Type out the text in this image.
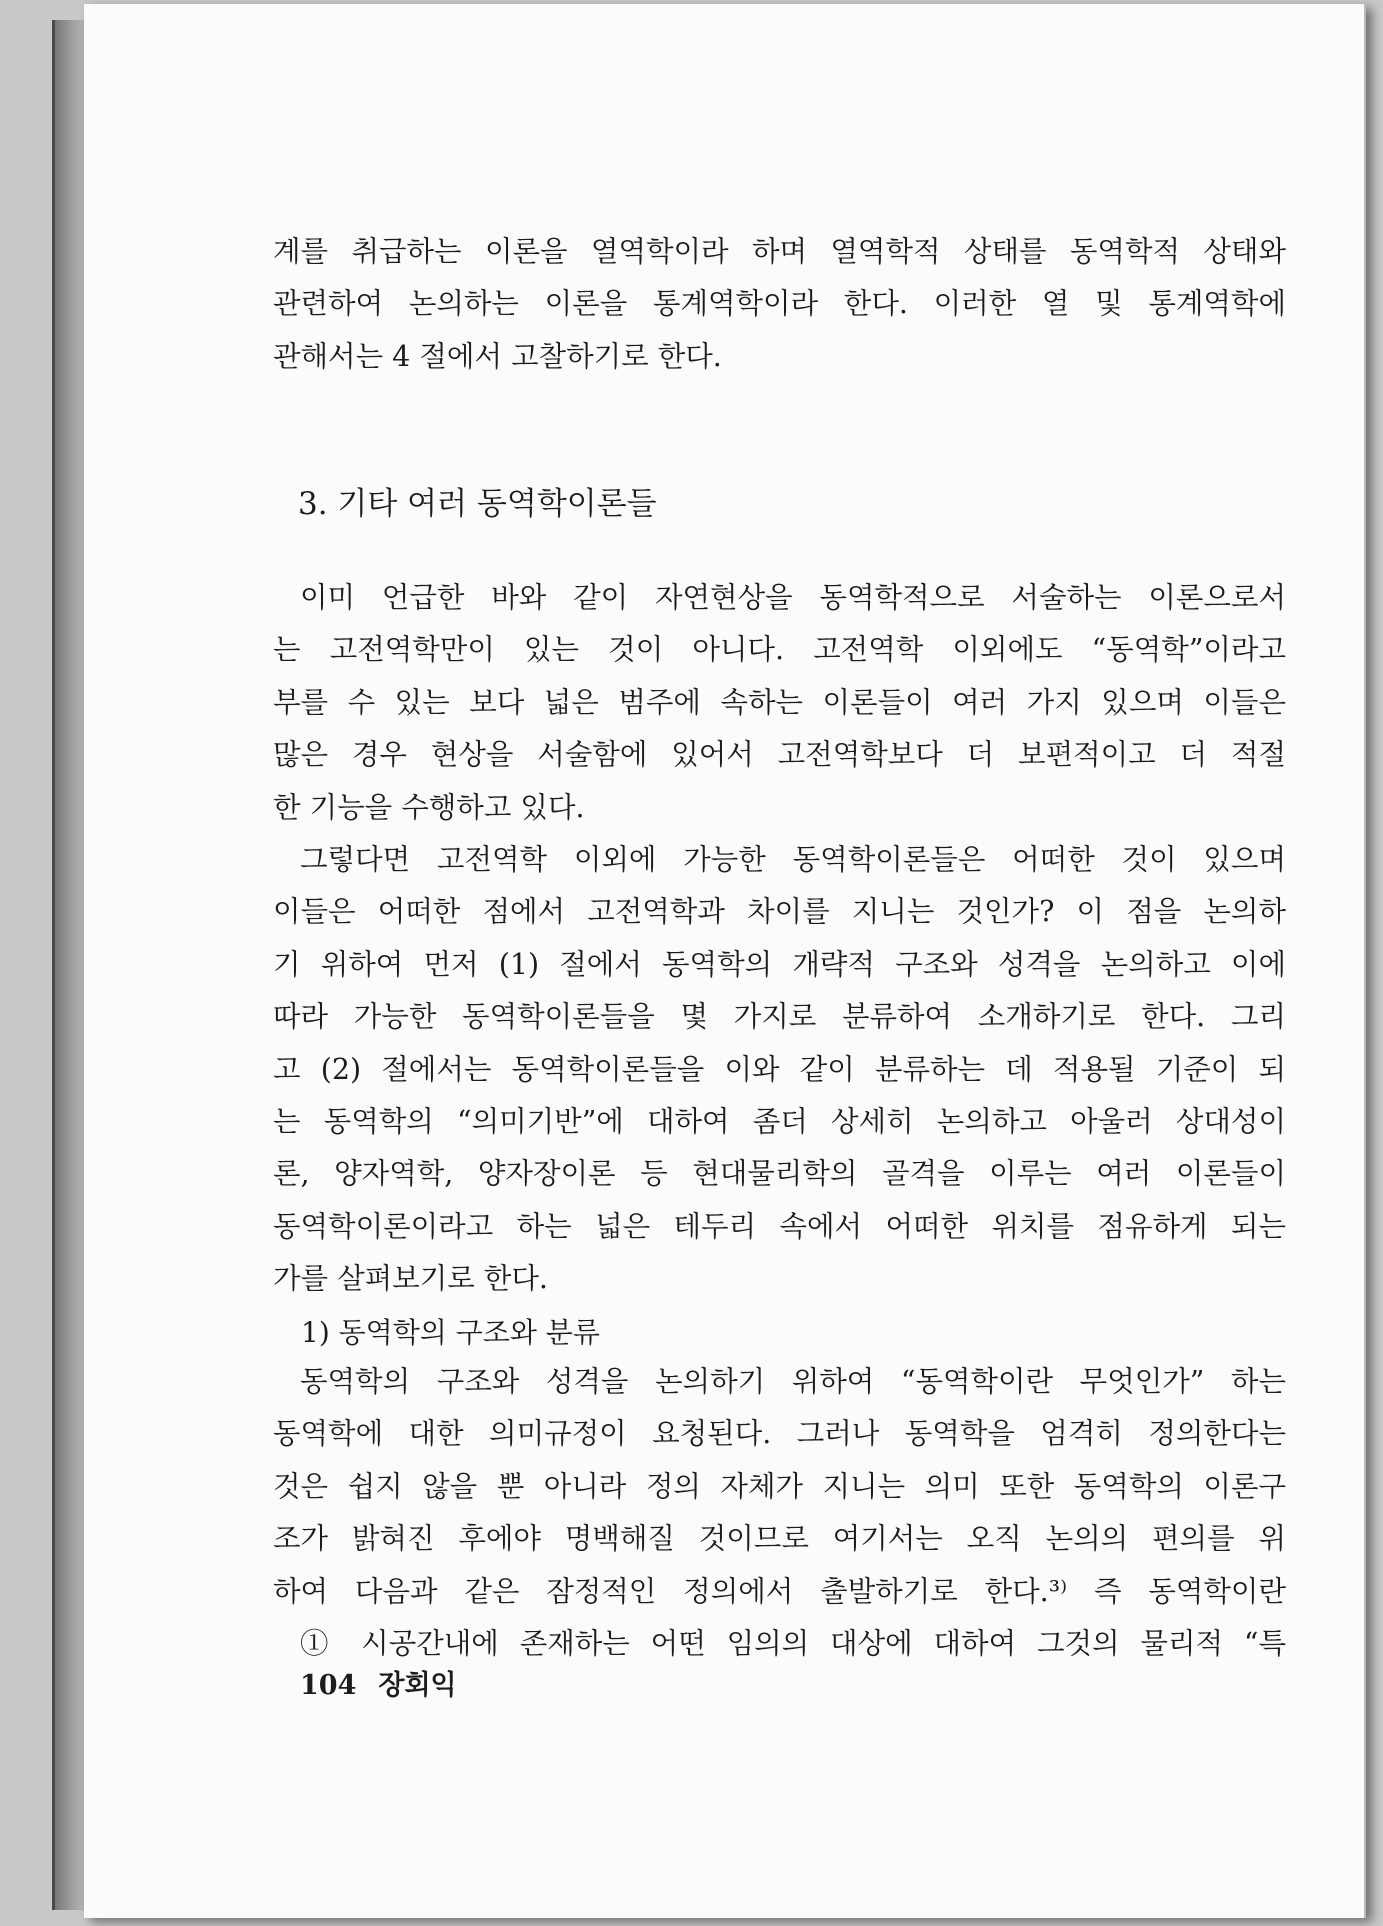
계를 취급하는 이론을 열역학이라 하며 열역학적 상태를 동역학적 상태와
관련하여 논의하는 이론을 통계역학이라 한다. 이러한 열 및 통계역학에
관해서는 4 절에서 고찰하기로 한다.

3. 기타 여러 동역학이론들

이미 언급한 바와 같이 자연현상을 동역학적으로 서술하는 이론으로서
는 고전역학만이 있는 것이 아니다. 고전역학 이외에도 “동역학”이라고
부를 수 있는 보다 넓은 범주에 속하는 이론들이 여러 가지 있으며 이들은
많은 경우 현상을 서술함에 있어서 고전역학보다 더 보편적이고 더 적절
한 기능을 수행하고 있다.

그렇다면 고전역학 이외에 가능한 동역학이론들은 어떠한 것이 있으며
이들은 어떠한 점에서 고전역학과 차이를 지니는 것인가? 이 점을 논의하
기 위하여 먼저 (1) 절에서 동역학의 개략적 구조와 성격을 논의하고 이에
따라 가능한 동역학이론들을 몇 가지로 분류하여 소개하기로 한다. 그리
고 (2) 절에서는 동역학이론들을 이와 같이 분류하는 데 적용될 기준이 되
는 동역학의 “의미기반”에 대하여 좀더 상세히 논의하고 아울러 상대성이
론, 양자역학, 양자장이론 등 현대물리학의 골격을 이루는 여러 이론들이
동역학이론이라고 하는 넓은 테두리 속에서 어떠한 위치를 점유하게 되는
가를 살펴보기로 한다.

1) 동역학의 구조와 분류

동역학의 구조와 성격을 논의하기 위하여 “동역학이란 무엇인가” 하는
동역학에 대한 의미규정이 요청된다. 그러나 동역학을 엄격히 정의한다는
것은 쉽지 않을 뿐 아니라 정의 자체가 지니는 의미 또한 동역학의 이론구
조가 밝혀진 후에야 명백해질 것이므로 여기서는 오직 논의의 편의를 위
하여 다음과 같은 잠정적인 정의에서 출발하기로 한다.³⁾ 즉 동역학이란
① 시공간내에 존재하는 어떤 임의의 대상에 대하여 그것의 물리적 “특

104 장회익
